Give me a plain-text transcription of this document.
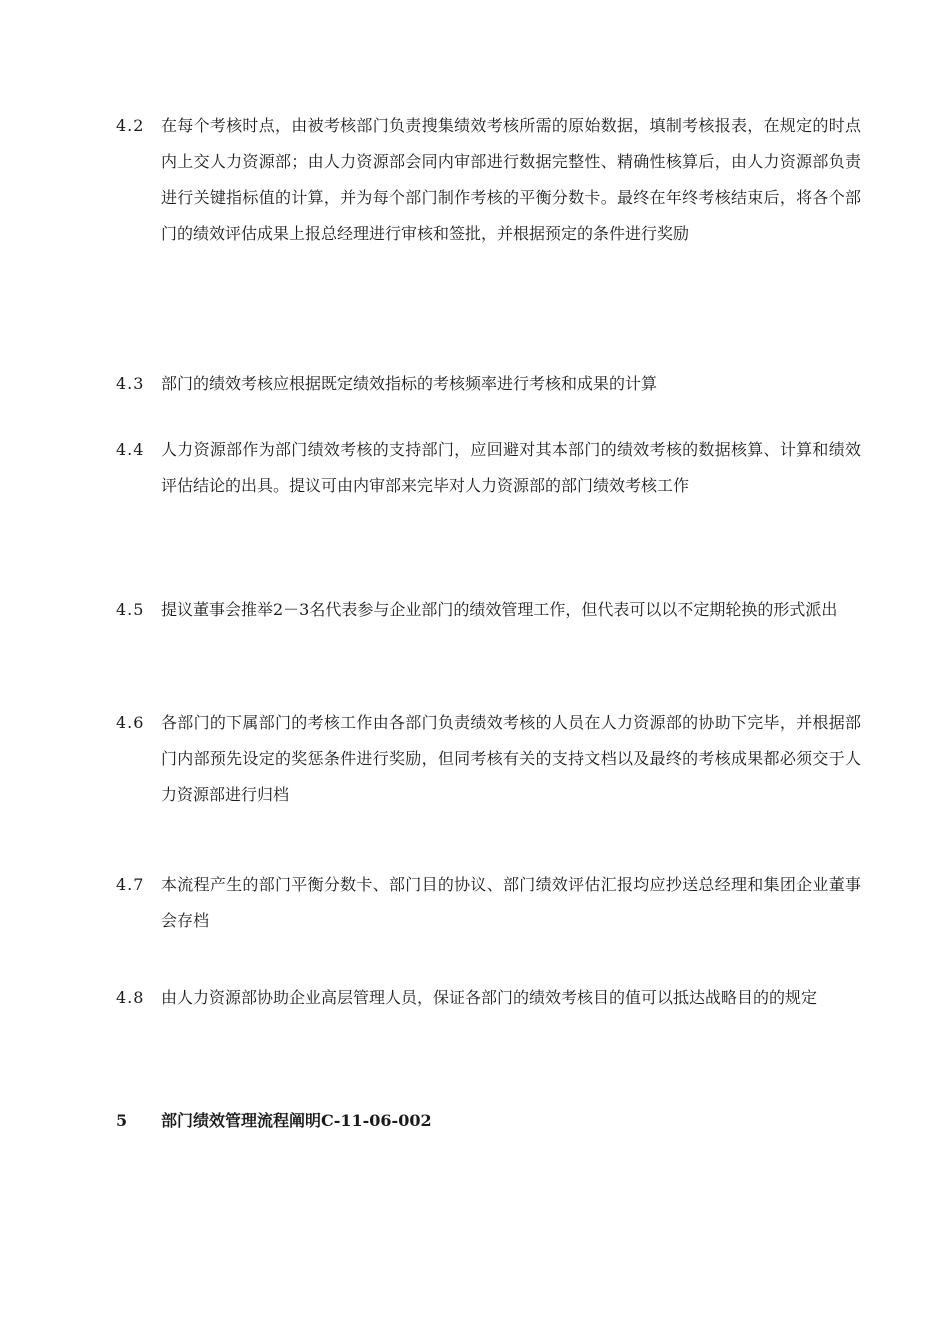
4.2	在每个考核时点，由被考核部门负责搜集绩效考核所需的原始数据，填制考核报表，在规定的时点内上交人力资源部；由人力资源部会同内审部进行数据完整性、精确性核算后，由人力资源部负责进行关键指标值的计算，并为每个部门制作考核的平衡分数卡。最终在年终考核结束后，将各个部门的绩效评估成果上报总经理进行审核和签批，并根据预定的条件进行奖励
4.3	部门的绩效考核应根据既定绩效指标的考核频率进行考核和成果的计算
4.4	人力资源部作为部门绩效考核的支持部门，应回避对其本部门的绩效考核的数据核算、计算和绩效评估结论的出具。提议可由内审部来完毕对人力资源部的部门绩效考核工作
4.5	提议董事会推举2－3名代表参与企业部门的绩效管理工作，但代表可以以不定期轮换的形式派出
4.6	各部门的下属部门的考核工作由各部门负责绩效考核的人员在人力资源部的协助下完毕，并根据部门内部预先设定的奖惩条件进行奖励，但同考核有关的支持文档以及最终的考核成果都必须交于人力资源部进行归档
4.7	本流程产生的部门平衡分数卡、部门目的协议、部门绩效评估汇报均应抄送总经理和集团企业董事会存档
4.8	由人力资源部协助企业高层管理人员，保证各部门的绩效考核目的值可以抵达战略目的的规定
5 部门绩效管理流程阐明C-11-06-002
